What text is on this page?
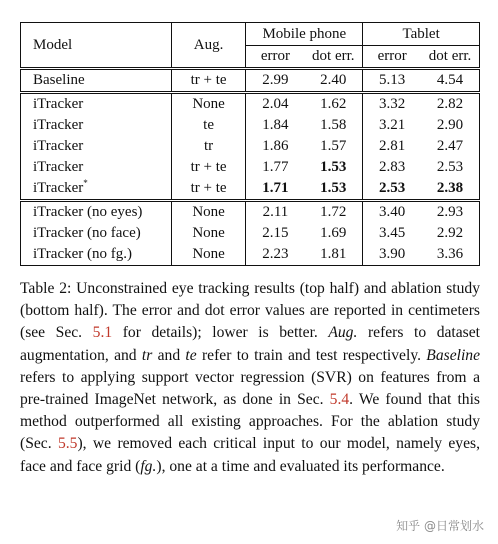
Model	Aug.	Mobile phone		Tablet	
		error	dot err.	error	dot err.
Baseline	tr + te	2.99	2.40	5.13	4.54
iTracker	None	2.04	1.62	3.32	2.82
iTracker	te	1.84	1.58	3.21	2.90
iTracker	tr	1.86	1.57	2.81	2.47
iTracker	tr + te	1.77	1.53	2.83	2.53
iTracker*	tr + te	1.71	1.53	2.53	2.38
iTracker (no eyes)	None	2.11	1.72	3.40	2.93
iTracker (no face)	None	2.15	1.69	3.45	2.92
iTracker (no fg.)	None	2.23	1.81	3.90	3.36
Table 2: Unconstrained eye tracking results (top half) and ablation study (bottom half). The error and dot error values are reported in centimeters (see Sec. 5.1 for details); lower is better. Aug. refers to dataset augmentation, and tr and te refer to train and test respectively. Baseline refers to applying support vector regression (SVR) on features from a pre-trained ImageNet network, as done in Sec. 5.4. We found that this method outperformed all existing approaches. For the ablation study (Sec. 5.5), we removed each critical input to our model, namely eyes, face and face grid (fg.), one at a time and evaluated its performance.
知乎 @日常划水
